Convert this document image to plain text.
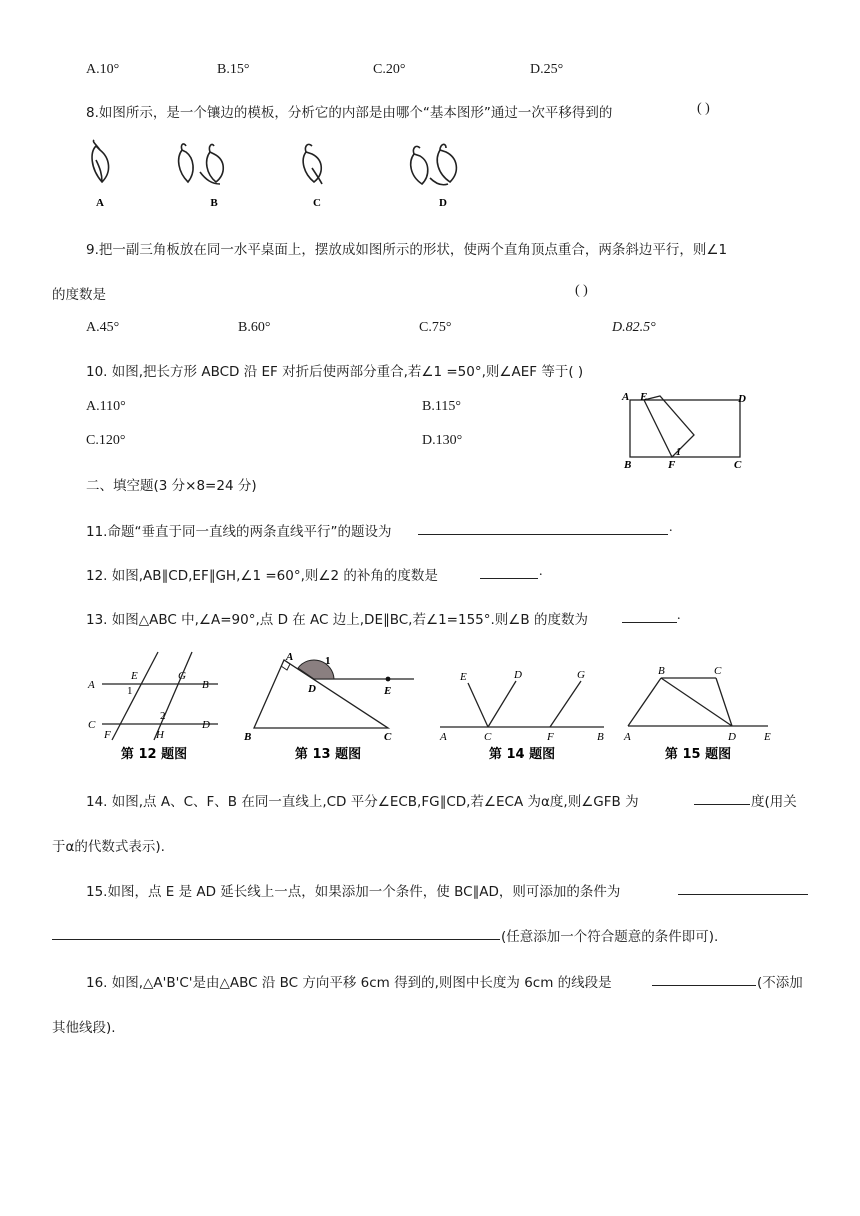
A.10°	B.15°	C.20°	D.25°
8.如图所示，是一个镶边的模板，分析它的内部是由哪个“基本图形”通过一次平移得到的	( )
A	B	C	D
9.把一副三角板放在同一水平桌面上，摆放成如图所示的形状，使两个直角顶点重合，两条斜边平行，则∠1
的度数是	( )
A.45°	B.60°	C.75°	D.82.5°
10. 如图,把长方形 ABCD 沿 EF 对折后使两部分重合,若∠1 =50°,则∠AEF 等于( )
A.110°	B.115°
C.120°	D.130°
A E	D
B	F	C
1
二、填空题(3 分×8=24 分)
11.命题“垂直于同一直线的两条直线平行”的题设为	.
12. 如图,AB∥CD,EF∥GH,∠1 =60°,则∠2 的补角的度数是	.
13. 如图△ABC 中,∠A=90°,点 D 在 AC 边上,DE∥BC,若∠1=155°.则∠B 的度数为	.
A
E	G
B
1
2
C
F	H
D
第 12 题图
A	1
D	E
B	C
第 13 题图
E	D	G
A	C	F	B
第 14 题图
B	C
A	D	E
第 15 题图
14. 如图,点 A、C、F、B 在同一直线上,CD 平分∠ECB,FG∥CD,若∠ECA 为α度,则∠GFB 为	度(用关
于α的代数式表示).
15.如图，点 E 是 AD 延长线上一点，如果添加一个条件，使 BC∥AD，则可添加的条件为
(任意添加一个符合题意的条件即可).
16. 如图,△A'B'C'是由△ABC 沿 BC 方向平移 6cm 得到的,则图中长度为 6cm 的线段是	(不添加
其他线段).
